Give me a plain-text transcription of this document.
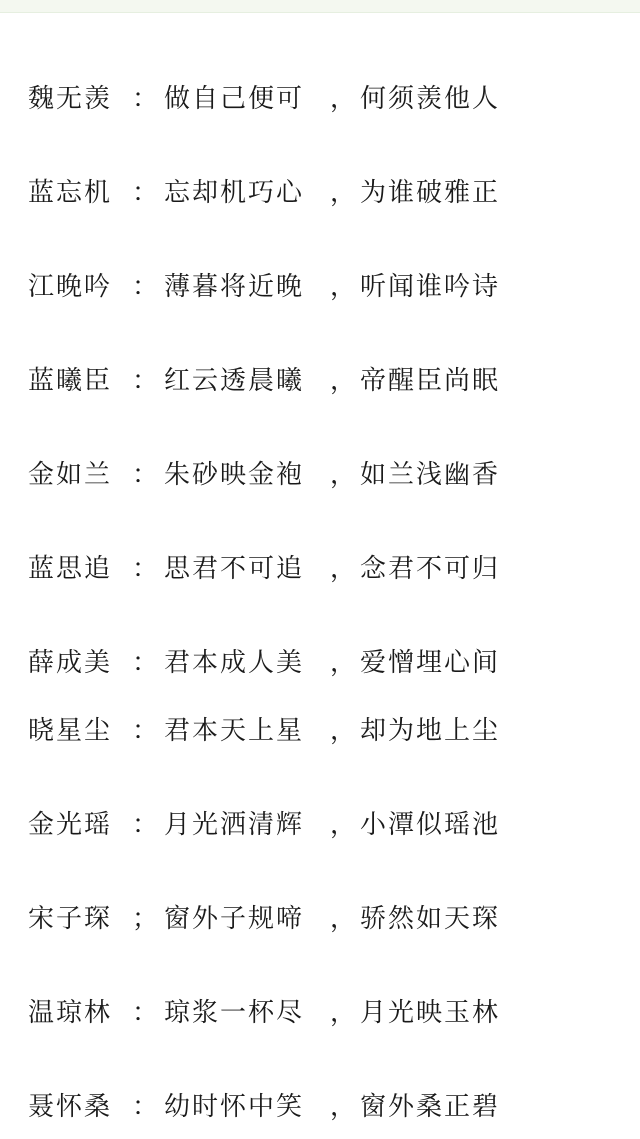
魏无羡 ： 做自己便可 ， 何须羡他人
蓝忘机 ： 忘却机巧心 ， 为谁破雅正
江晚吟 ： 薄暮将近晚 ， 听闻谁吟诗
蓝曦臣 ： 红云透晨曦 ， 帝醒臣尚眠
金如兰 ： 朱砂映金袍 ， 如兰浅幽香
蓝思追 ： 思君不可追 ， 念君不可归
薛成美 ： 君本成人美 ， 爱憎埋心间
晓星尘 ： 君本天上星 ， 却为地上尘
金光瑶 ： 月光洒清辉 ， 小潭似瑶池
宋子琛 ； 窗外子规啼 ， 骄然如天琛
温琼林 ： 琼浆一杯尽 ， 月光映玉林
聂怀桑 ： 幼时怀中笑 ， 窗外桑正碧
